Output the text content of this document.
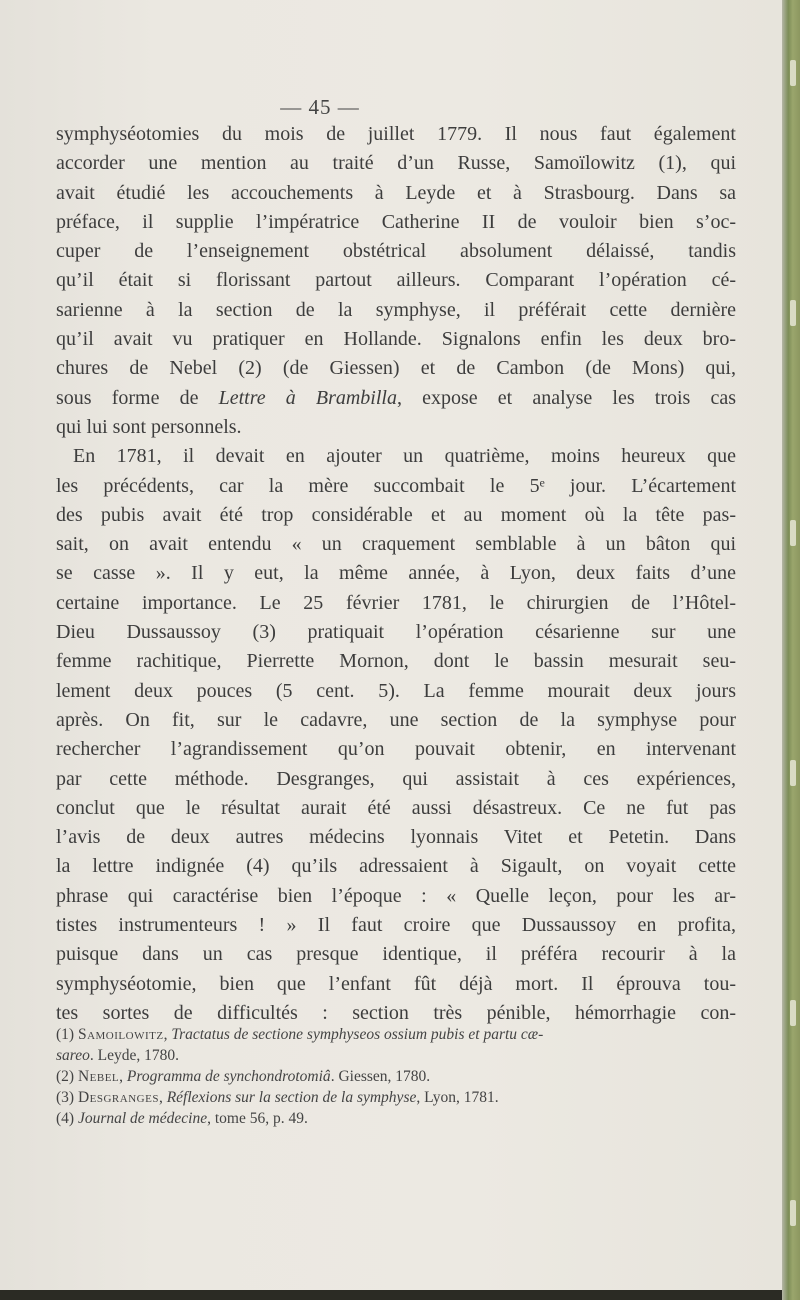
— 45 —
symphyséotomies du mois de juillet 1779. Il nous faut également
accorder une mention au traité d’un Russe, Samoïlowitz (1), qui
avait étudié les accouchements à Leyde et à Strasbourg. Dans sa
préface, il supplie l’impératrice Catherine II de vouloir bien s’oc-
cuper de l’enseignement obstétrical absolument délaissé, tandis
qu’il était si florissant partout ailleurs. Comparant l’opération cé-
sarienne à la section de la symphyse, il préférait cette dernière
qu’il avait vu pratiquer en Hollande. Signalons enfin les deux bro-
chures de Nebel (2) (de Giessen) et de Cambon (de Mons) qui,
sous forme de Lettre à Brambilla, expose et analyse les trois cas
qui lui sont personnels.
En 1781, il devait en ajouter un quatrième, moins heureux que
les précédents, car la mère succombait le 5ᵉ jour. L’écartement
des pubis avait été trop considérable et au moment où la tête pas-
sait, on avait entendu « un craquement semblable à un bâton qui
se casse ». Il y eut, la même année, à Lyon, deux faits d’une
certaine importance. Le 25 février 1781, le chirurgien de l’Hôtel-
Dieu Dussaussoy (3) pratiquait l’opération césarienne sur une
femme rachitique, Pierrette Mornon, dont le bassin mesurait seu-
lement deux pouces (5 cent. 5). La femme mourait deux jours
après. On fit, sur le cadavre, une section de la symphyse pour
rechercher l’agrandissement qu’on pouvait obtenir, en intervenant
par cette méthode. Desgranges, qui assistait à ces expériences,
conclut que le résultat aurait été aussi désastreux. Ce ne fut pas
l’avis de deux autres médecins lyonnais Vitet et Petetin. Dans
la lettre indignée (4) qu’ils adressaient à Sigault, on voyait cette
phrase qui caractérise bien l’époque : « Quelle leçon, pour les ar-
tistes instrumenteurs ! » Il faut croire que Dussaussoy en profita,
puisque dans un cas presque identique, il préféra recourir à la
symphyséotomie, bien que l’enfant fût déjà mort. Il éprouva tou-
tes sortes de difficultés : section très pénible, hémorrhagie con-
(1) Samoilowitz, Tractatus de sectione symphyseos ossium pubis et partu cæ-
sareo. Leyde, 1780.
(2) Nebel, Programma de synchondrotomiâ. Giessen, 1780.
(3) Desgranges, Réflexions sur la section de la symphyse, Lyon, 1781.
(4) Journal de médecine, tome 56, p. 49.
